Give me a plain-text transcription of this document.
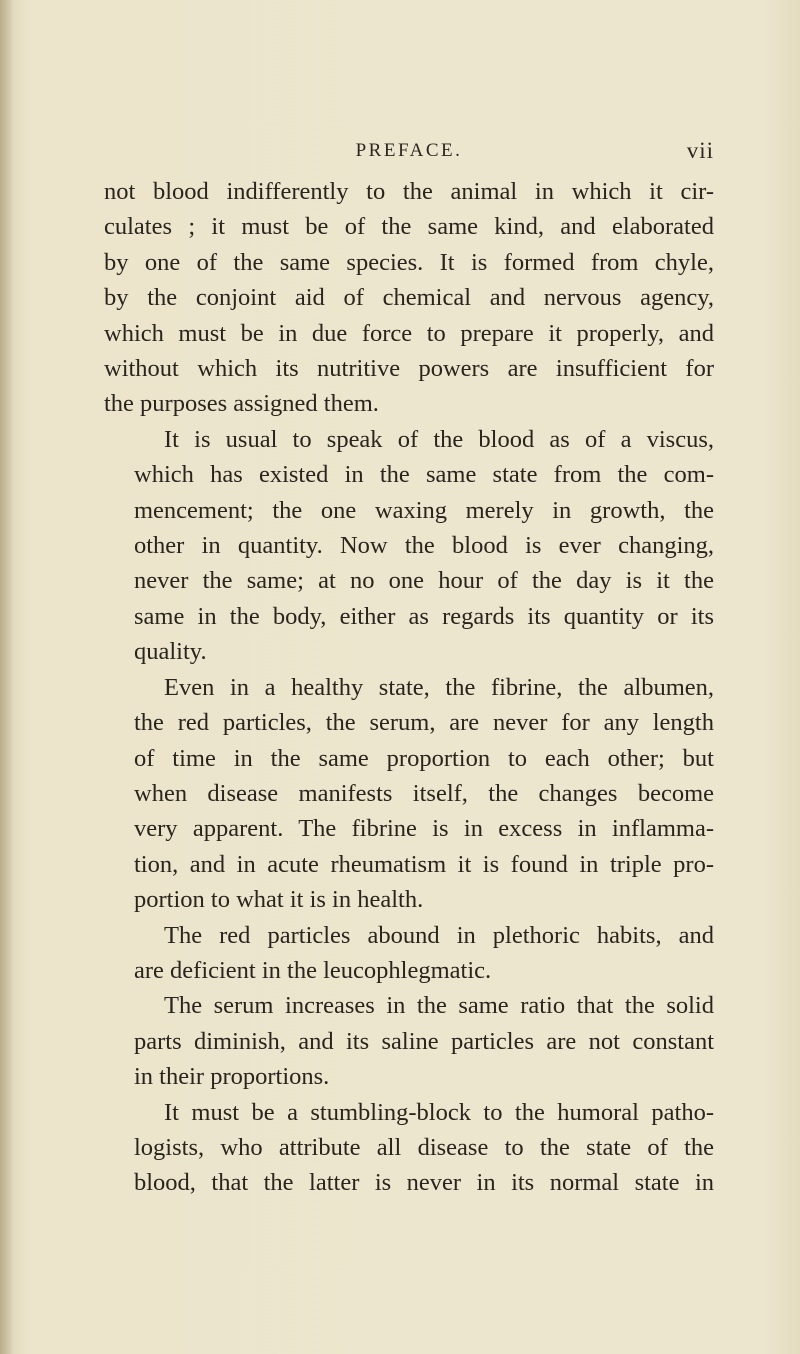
PREFACE.	vii
not blood indifferently to the animal in which it cir-
culates ; it must be of the same kind, and elaborated
by one of the same species. It is formed from chyle,
by the conjoint aid of chemical and nervous agency,
which must be in due force to prepare it properly, and
without which its nutritive powers are insufficient for
the purposes assigned them.
It is usual to speak of the blood as of a viscus,
which has existed in the same state from the com-
mencement; the one waxing merely in growth, the
other in quantity. Now the blood is ever changing,
never the same; at no one hour of the day is it the
same in the body, either as regards its quantity or its
quality.
Even in a healthy state, the fibrine, the albumen,
the red particles, the serum, are never for any length
of time in the same proportion to each other; but
when disease manifests itself, the changes become
very apparent. The fibrine is in excess in inflamma-
tion, and in acute rheumatism it is found in triple pro-
portion to what it is in health.
The red particles abound in plethoric habits, and
are deficient in the leucophlegmatic.
The serum increases in the same ratio that the solid
parts diminish, and its saline particles are not constant
in their proportions.
It must be a stumbling-block to the humoral patho-
logists, who attribute all disease to the state of the
blood, that the latter is never in its normal state in
